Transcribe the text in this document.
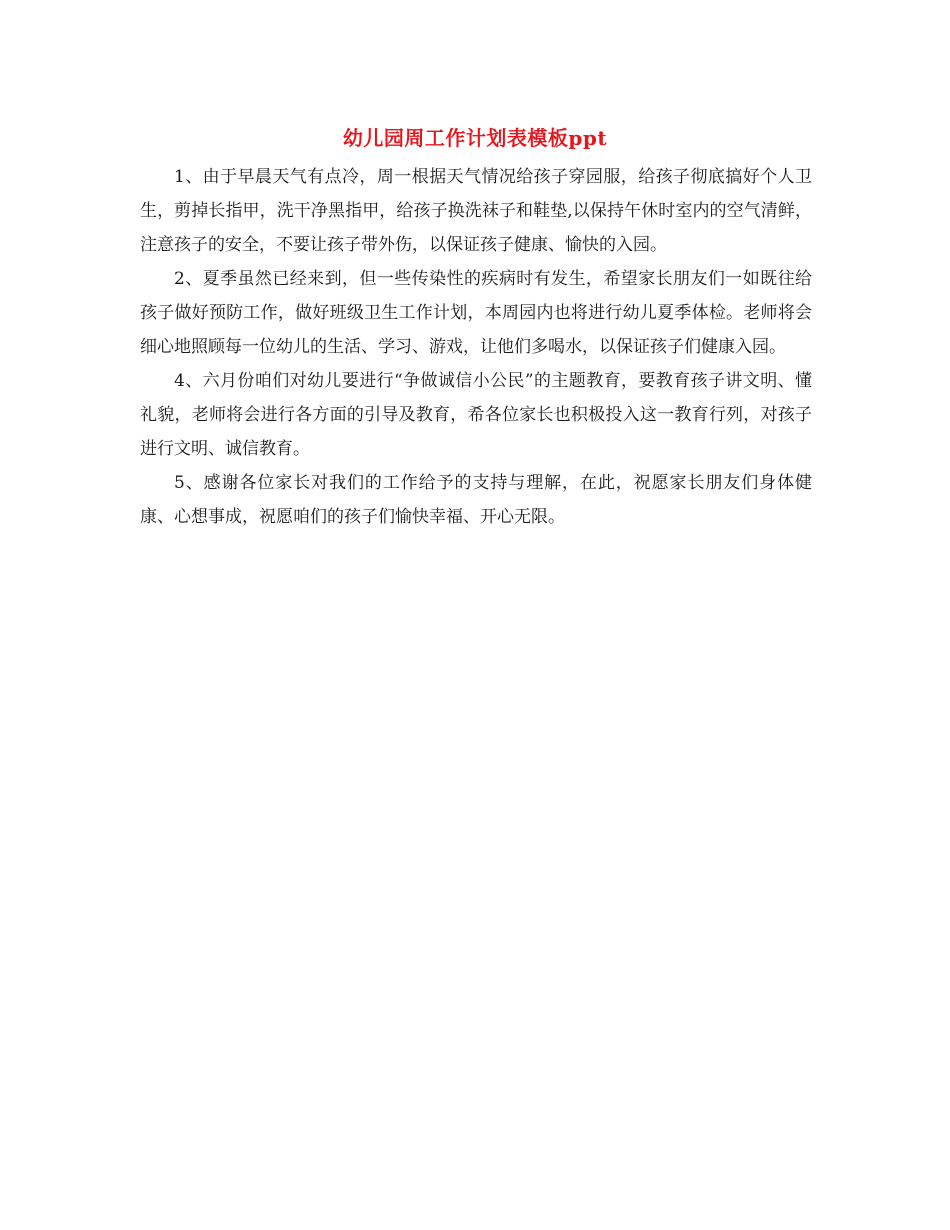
幼儿园周工作计划表模板ppt

1、由于早晨天气有点冷，周一根据天气情况给孩子穿园服，给孩子彻底搞好个人卫生，剪掉长指甲，洗干净黑指甲，给孩子换洗袜子和鞋垫,以保持午休时室内的空气清鲜，注意孩子的安全，不要让孩子带外伤，以保证孩子健康、愉快的入园。

2、夏季虽然已经来到，但一些传染性的疾病时有发生，希望家长朋友们一如既往给孩子做好预防工作，做好班级卫生工作计划，本周园内也将进行幼儿夏季体检。老师将会细心地照顾每一位幼儿的生活、学习、游戏，让他们多喝水，以保证孩子们健康入园。

4、六月份咱们对幼儿要进行“争做诚信小公民”的主题教育，要教育孩子讲文明、懂礼貌，老师将会进行各方面的引导及教育，希各位家长也积极投入这一教育行列，对孩子进行文明、诚信教育。

5、感谢各位家长对我们的工作给予的支持与理解，在此，祝愿家长朋友们身体健康、心想事成，祝愿咱们的孩子们愉快幸福、开心无限。
